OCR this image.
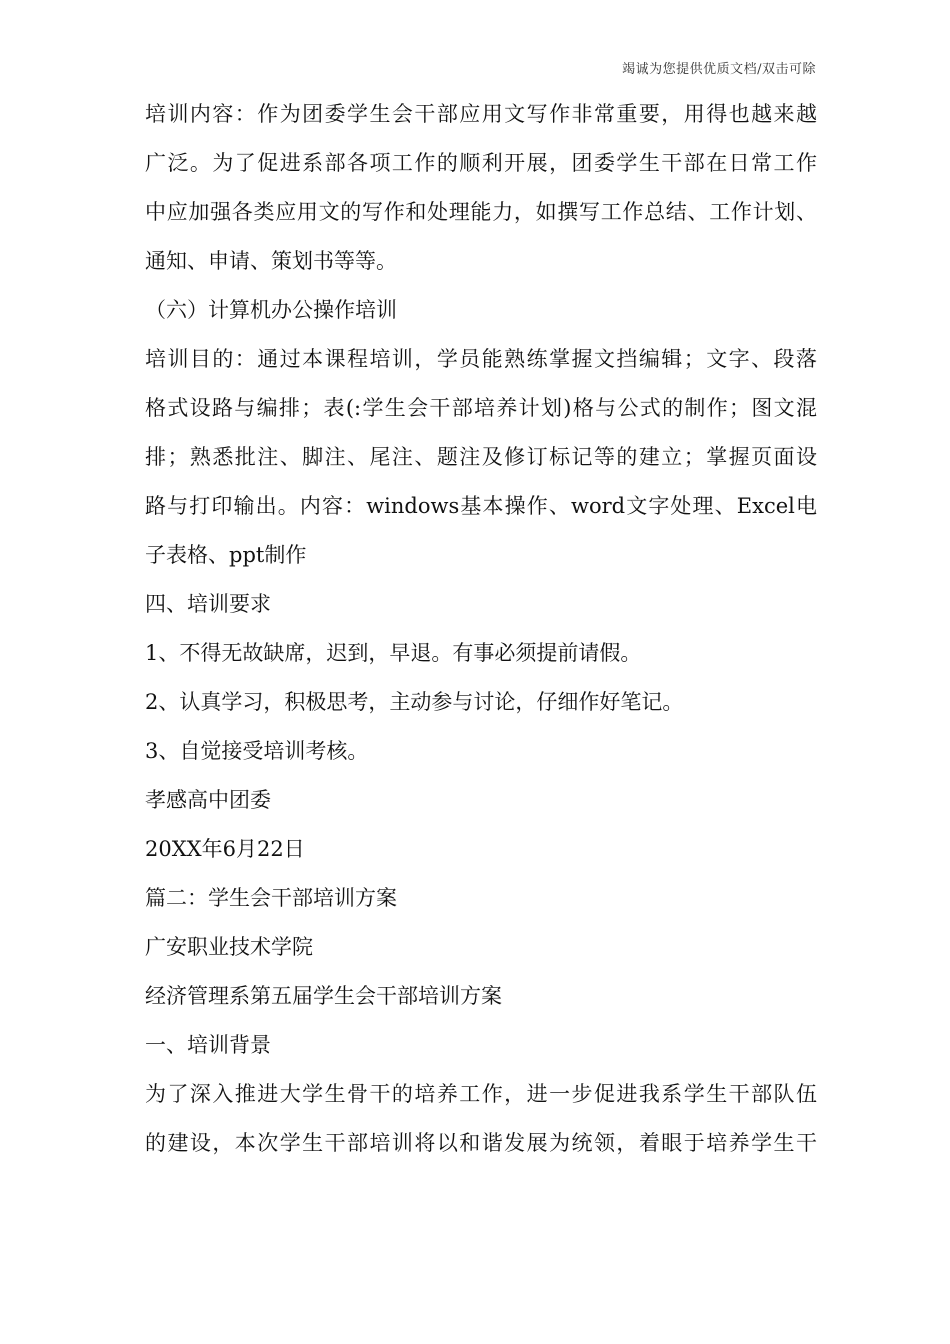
竭诚为您提供优质文档/双击可除

培训内容：作为团委学生会干部应用文写作非常重要，用得也越来越

广泛。为了促进系部各项工作的顺利开展，团委学生干部在日常工作

中应加强各类应用文的写作和处理能力，如撰写工作总结、工作计划、

通知、申请、策划书等等。

（六）计算机办公操作培训

培训目的：通过本课程培训，学员能熟练掌握文挡编辑；文字、段落

格式设路与编排；表(:学生会干部培养计划)格与公式的制作；图文混

排；熟悉批注、脚注、尾注、题注及修订标记等的建立；掌握页面设

路与打印输出。内容：windows基本操作、word文字处理、Excel电

子表格、ppt制作

四、培训要求

1、不得无故缺席，迟到，早退。有事必须提前请假。

2、认真学习，积极思考，主动参与讨论，仔细作好笔记。

3、自觉接受培训考核。

孝感高中团委

20XX年6月22日

篇二：学生会干部培训方案

广安职业技术学院

经济管理系第五届学生会干部培训方案

一、培训背景

为了深入推进大学生骨干的培养工作，进一步促进我系学生干部队伍

的建设，本次学生干部培训将以和谐发展为统领，着眼于培养学生干
